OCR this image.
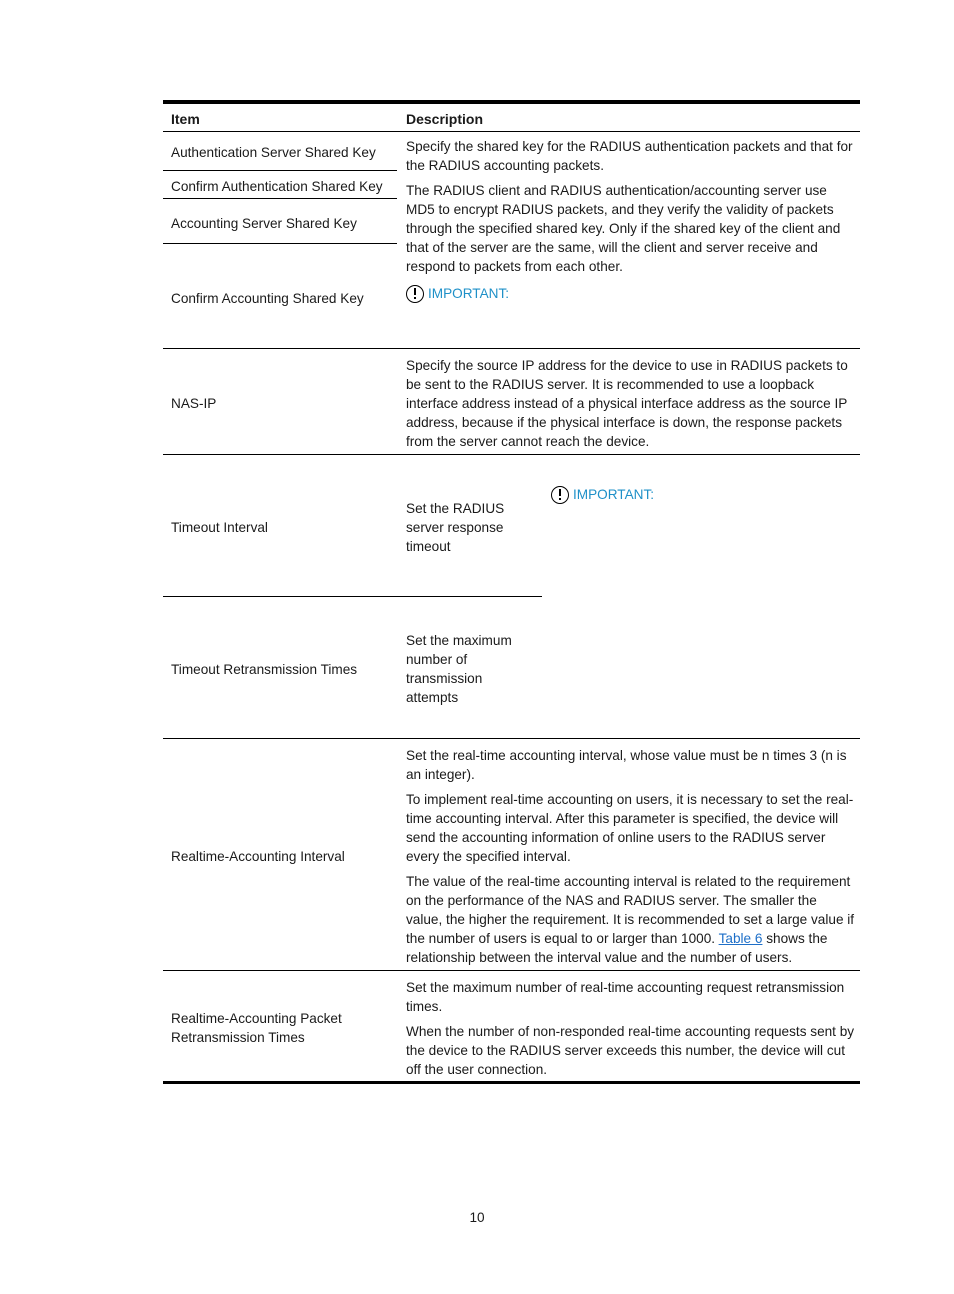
Item	Description
Authentication Server Shared Key
Confirm Authentication Shared Key
Accounting Server Shared Key
Confirm Accounting Shared Key

Specify the shared key for the RADIUS authentication packets and that for the RADIUS accounting packets.

The RADIUS client and RADIUS authentication/accounting server use MD5 to encrypt RADIUS packets, and they verify the validity of packets through the specified shared key. Only if the shared key of the client and that of the server are the same, will the client and server receive and respond to packets from each other.

IMPORTANT:
NAS-IP
Specify the source IP address for the device to use in RADIUS packets to be sent to the RADIUS server. It is recommended to use a loopback interface address instead of a physical interface address as the source IP address, because if the physical interface is down, the response packets from the server cannot reach the device.
Timeout Interval
Set the RADIUS server response timeout
IMPORTANT:
Timeout Retransmission Times
Set the maximum number of transmission attempts
Realtime-Accounting Interval

Set the real-time accounting interval, whose value must be n times 3 (n is an integer).

To implement real-time accounting on users, it is necessary to set the real-time accounting interval. After this parameter is specified, the device will send the accounting information of online users to the RADIUS server every the specified interval.

The value of the real-time accounting interval is related to the requirement on the performance of the NAS and RADIUS server. The smaller the value, the higher the requirement. It is recommended to set a large value if the number of users is equal to or larger than 1000. Table 6 shows the relationship between the interval value and the number of users.

Realtime-Accounting Packet Retransmission Times

Set the maximum number of real-time accounting request retransmission times.

When the number of non-responded real-time accounting requests sent by the device to the RADIUS server exceeds this number, the device will cut off the user connection.

10
